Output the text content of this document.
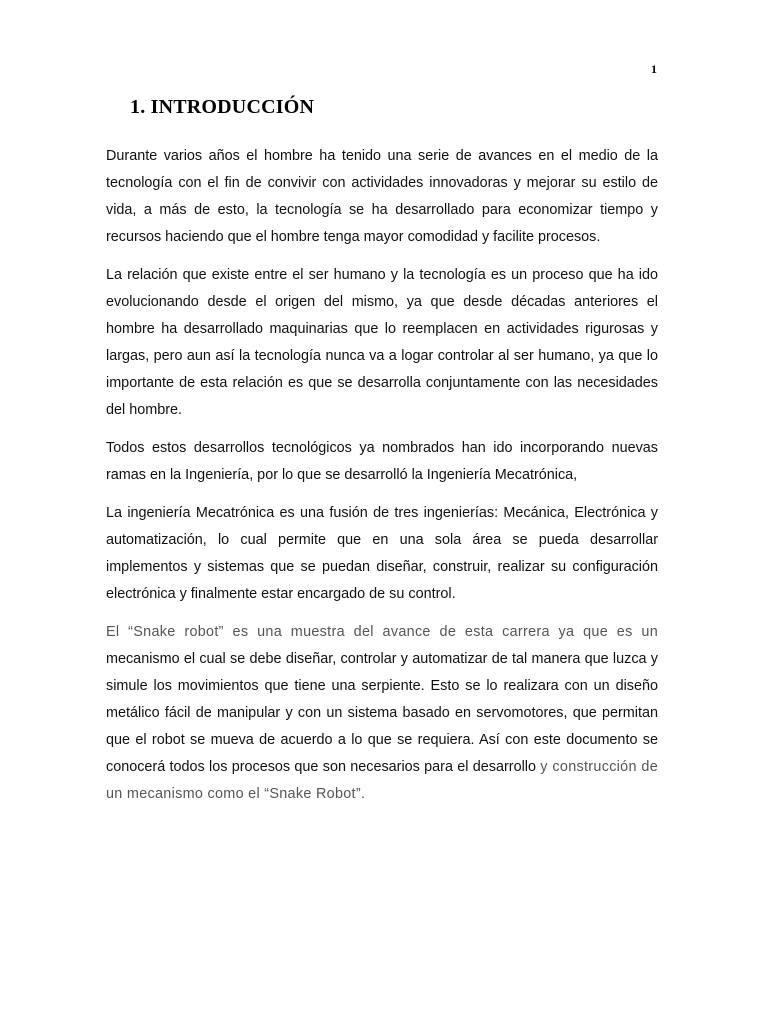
1
1. INTRODUCCIÓN

Durante varios años el hombre ha tenido una serie de avances en el medio de la tecnología con el fin de convivir con actividades innovadoras y mejorar su estilo de vida, a más de esto, la tecnología se ha desarrollado para economizar tiempo y recursos haciendo que el hombre tenga mayor comodidad y facilite procesos.

La relación que existe entre el ser humano y la tecnología es un proceso que ha ido evolucionando desde el origen del mismo, ya que desde décadas anteriores el hombre ha desarrollado maquinarias que lo reemplacen en actividades rigurosas y largas, pero aun así la tecnología nunca va a logar controlar al ser humano, ya que lo importante de esta relación es que se desarrolla conjuntamente con las necesidades del hombre.

Todos estos desarrollos tecnológicos ya nombrados han ido incorporando nuevas ramas en la Ingeniería, por lo que se desarrolló la Ingeniería Mecatrónica,

La ingeniería Mecatrónica es una fusión de tres ingenierías: Mecánica, Electrónica y automatización, lo cual permite que en una sola área se pueda desarrollar implementos y sistemas que se puedan diseñar, construir, realizar su configuración electrónica y finalmente estar encargado de su control.

El “Snake robot” es una muestra del avance de esta carrera ya que es un mecanismo el cual se debe diseñar, controlar y automatizar de tal manera que luzca y simule los movimientos que tiene una serpiente. Esto se lo realizara con un diseño metálico fácil de manipular y con un sistema basado en servomotores, que permitan que el robot se mueva de acuerdo a lo que se requiera. Así con este documento se conocerá todos los procesos que son necesarios para el desarrollo y construcción de un mecanismo como el “Snake Robot”.
